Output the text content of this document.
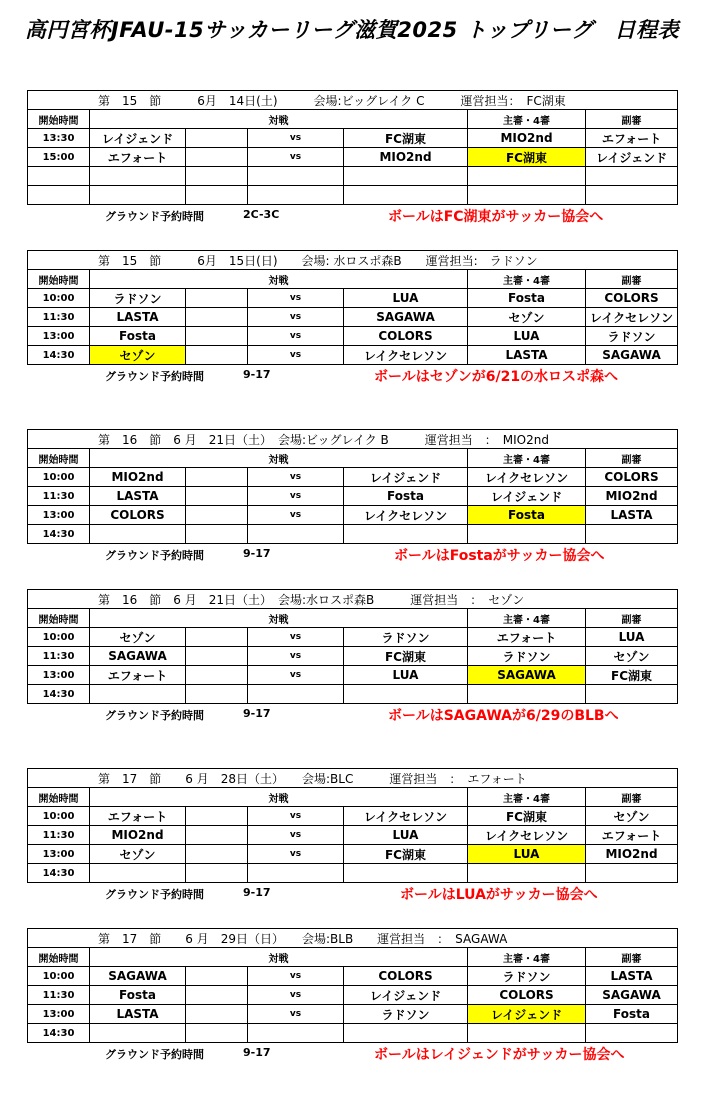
高円宮杯JFAU-15サッカーリーグ滋賀2025 トップリーグ　日程表
第　15　節　　　6月　14日(土)　　　会場:ビッグレイク C　　　運営担当：　FC湖東						
開始時間	対戦				主審・4審	副審
13:30	レイジェンド		vs	FC湖東	MIO2nd	エフォート
15:00	エフォート		vs	MIO2nd	FC湖東	レイジェンド

グラウンド予約時間	2C-3C	ボールはFC湖東がサッカー協会へ
第　15　節　　　6月　15日(日)　　会場: 水ロスポ森B　　運営担当:　ラドソン						
開始時間	対戦				主審・4審	副審
10:00	ラドソン		vs	LUA	Fosta	COLORS
11:30	LASTA		vs	SAGAWA	セゾン	レイクセレソン
13:00	Fosta		vs	COLORS	LUA	ラドソン
14:30	セゾン		vs	レイクセレソン	LASTA	SAGAWA
グラウンド予約時間	9-17	ボールはセゾンが6/21の水ロスポ森へ
第　16　節　6 月　21日（土）　会場:ビッグレイク B　　　運営担当　：　MIO2nd						
開始時間	対戦				主審・4審	副審
10:00	MIO2nd		vs	レイジェンド	レイクセレソン	COLORS
11:30	LASTA		vs	Fosta	レイジェンド	MIO2nd
13:00	COLORS		vs	レイクセレソン	Fosta	LASTA
14:30						
グラウンド予約時間	9-17	ボールはFostaがサッカー協会へ
第　16　節　6 月　21日（土）　会場:水ロスポ森B　　　運営担当　：　セゾン						
開始時間	対戦				主審・4審	副審
10:00	セゾン		vs	ラドソン	エフォート	LUA
11:30	SAGAWA		vs	FC湖東	ラドソン	セゾン
13:00	エフォート		vs	LUA	SAGAWA	FC湖東
14:30						
グラウンド予約時間	9-17	ボールはSAGAWAが6/29のBLBへ
第　17　節　　6 月　28日（土）　　会場:BLC　　　運営担当　：　エフォート						
開始時間	対戦				主審・4審	副審
10:00	エフォート		vs	レイクセレソン	FC湖東	セゾン
11:30	MIO2nd		vs	LUA	レイクセレソン	エフォート
13:00	セゾン		vs	FC湖東	LUA	MIO2nd
14:30						
グラウンド予約時間	9-17	ボールはLUAがサッカー協会へ
第　17　節　　6 月　29日（日）　　会場:BLB　　運営担当　：　SAGAWA						
開始時間	対戦				主審・4審	副審
10:00	SAGAWA		vs	COLORS	ラドソン	LASTA
11:30	Fosta		vs	レイジェンド	COLORS	SAGAWA
13:00	LASTA		vs	ラドソン	レイジェンド	Fosta
14:30						
グラウンド予約時間	9-17	ボールはレイジェンドがサッカー協会へ
